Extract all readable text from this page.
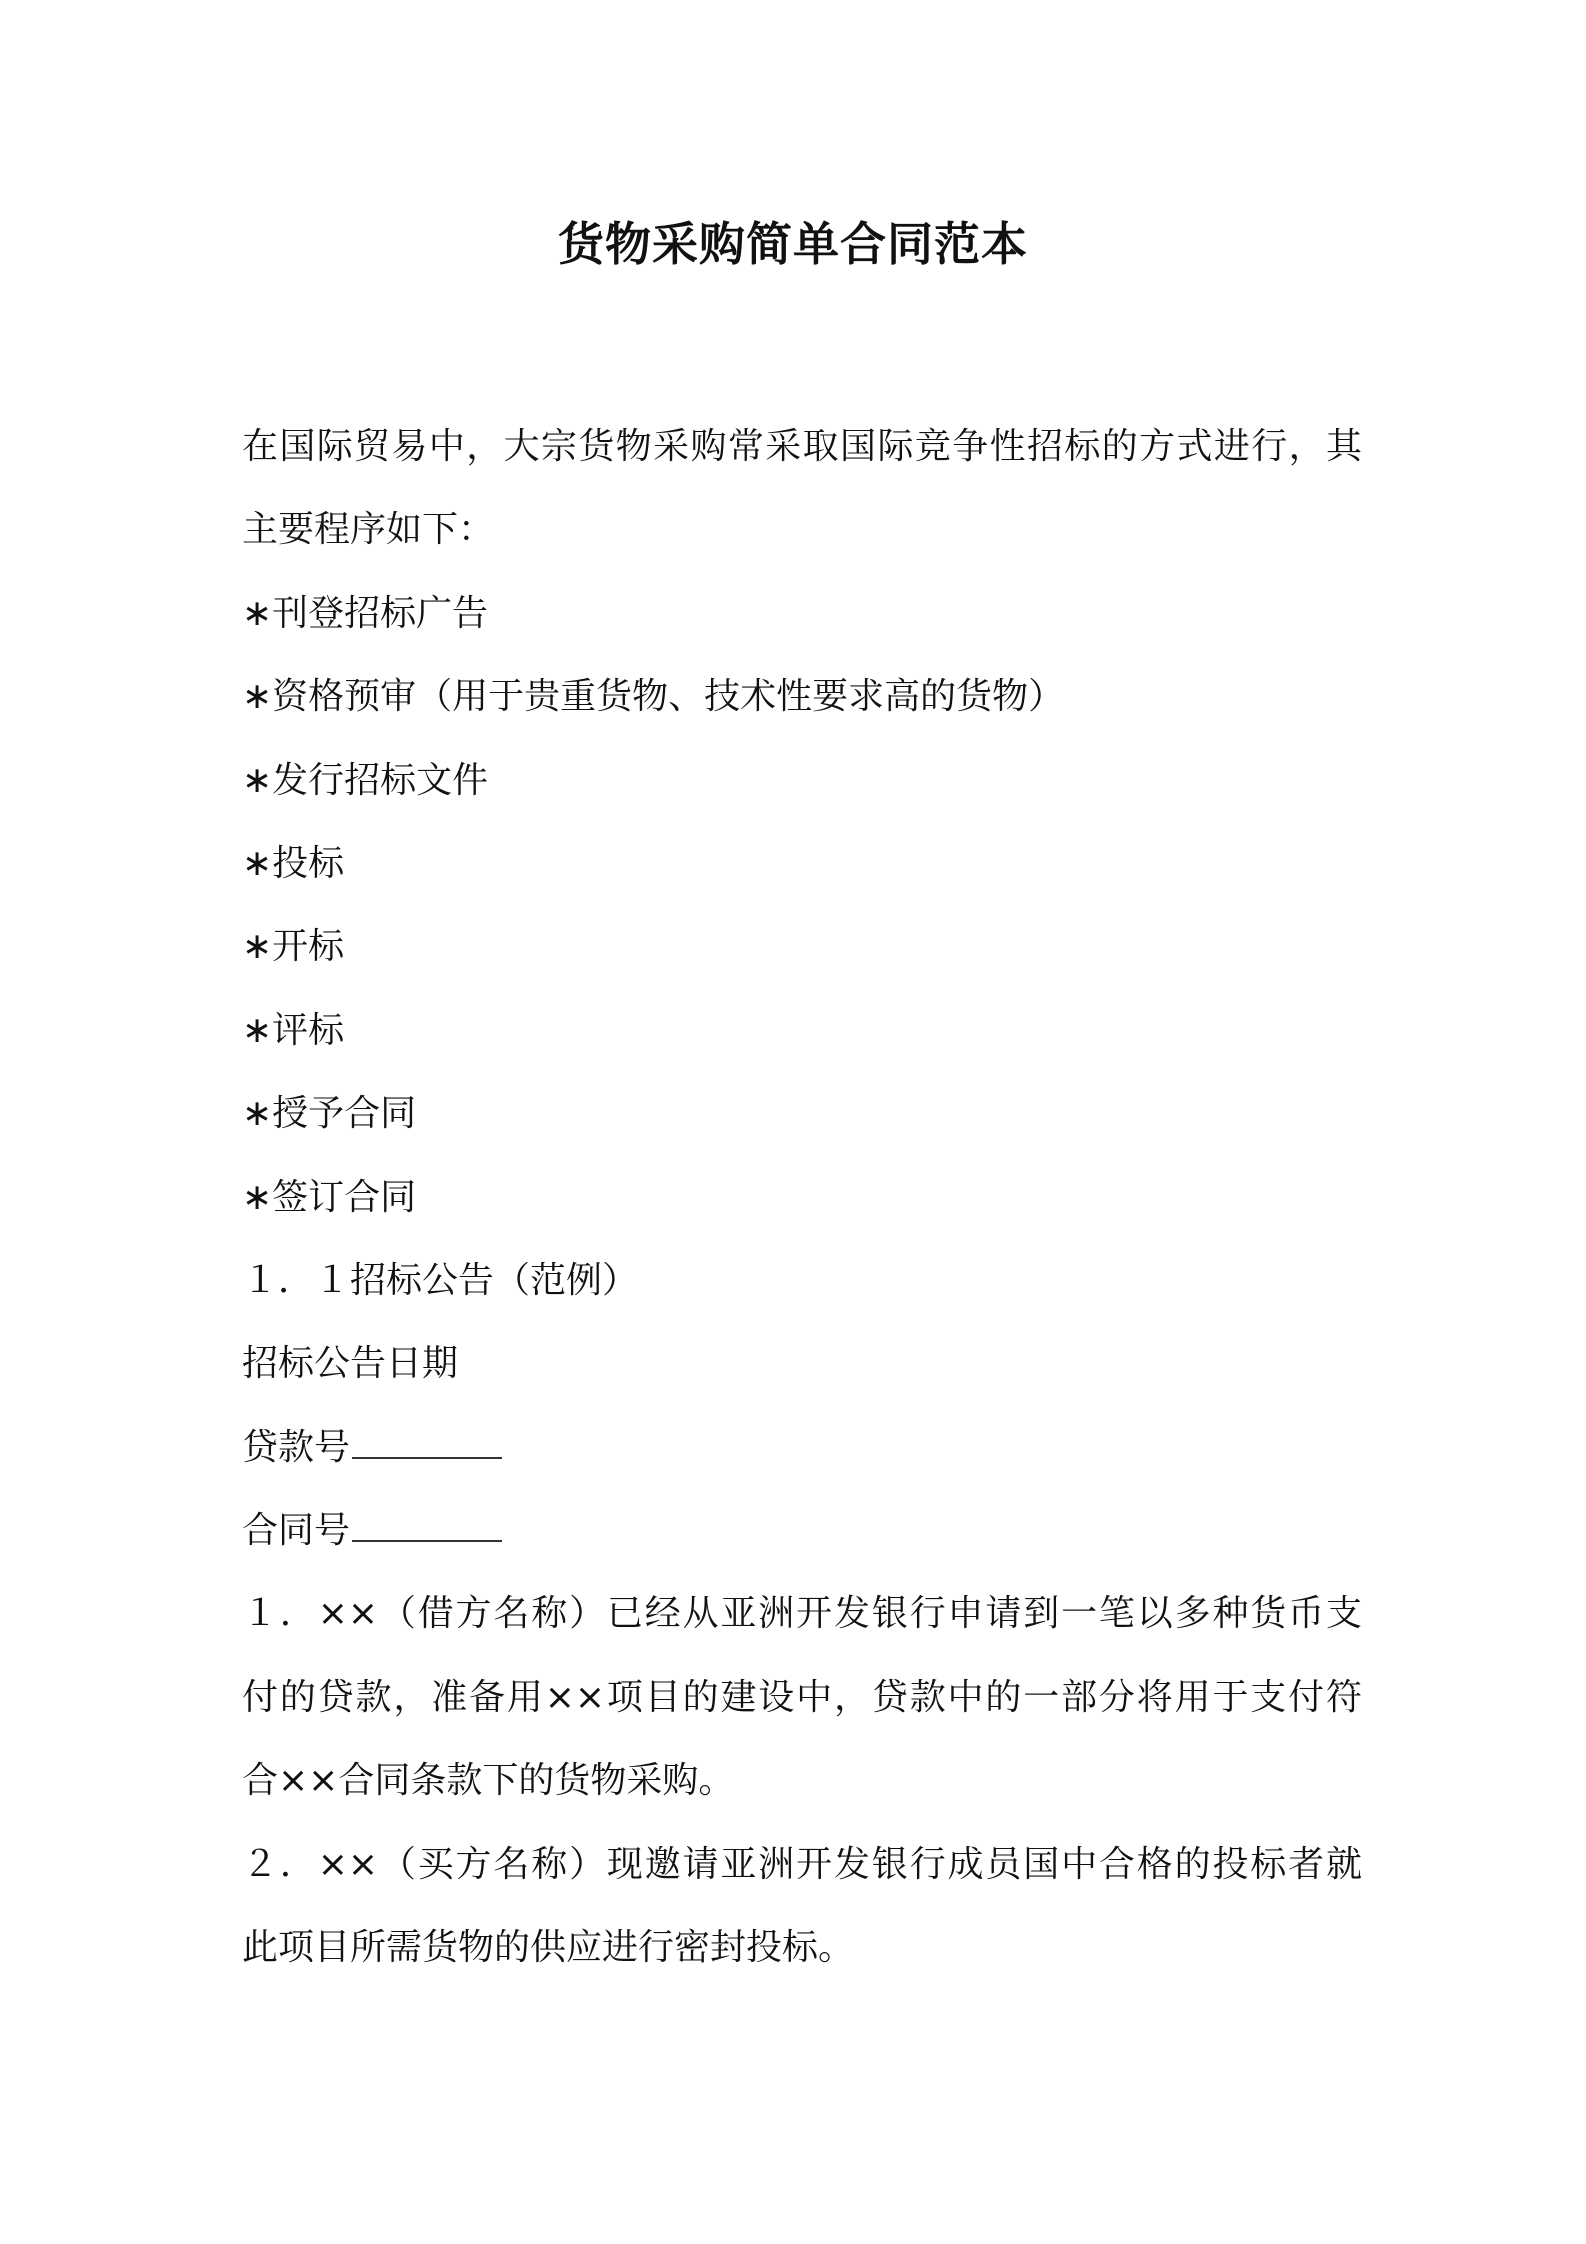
货物采购简单合同范本
在国际贸易中，大宗货物采购常采取国际竞争性招标的方式进行，其
主要程序如下：
∗刊登招标广告
∗资格预审（用于贵重货物、技术性要求高的货物）
∗发行招标文件
∗投标
∗开标
∗评标
∗授予合同
∗签订合同
１．１招标公告（范例）
招标公告日期
贷款号
合同号
１．××（借方名称）已经从亚洲开发银行申请到一笔以多种货币支
付的贷款，准备用××项目的建设中，贷款中的一部分将用于支付符
合××合同条款下的货物采购。
２．××（买方名称）现邀请亚洲开发银行成员国中合格的投标者就
此项目所需货物的供应进行密封投标。
